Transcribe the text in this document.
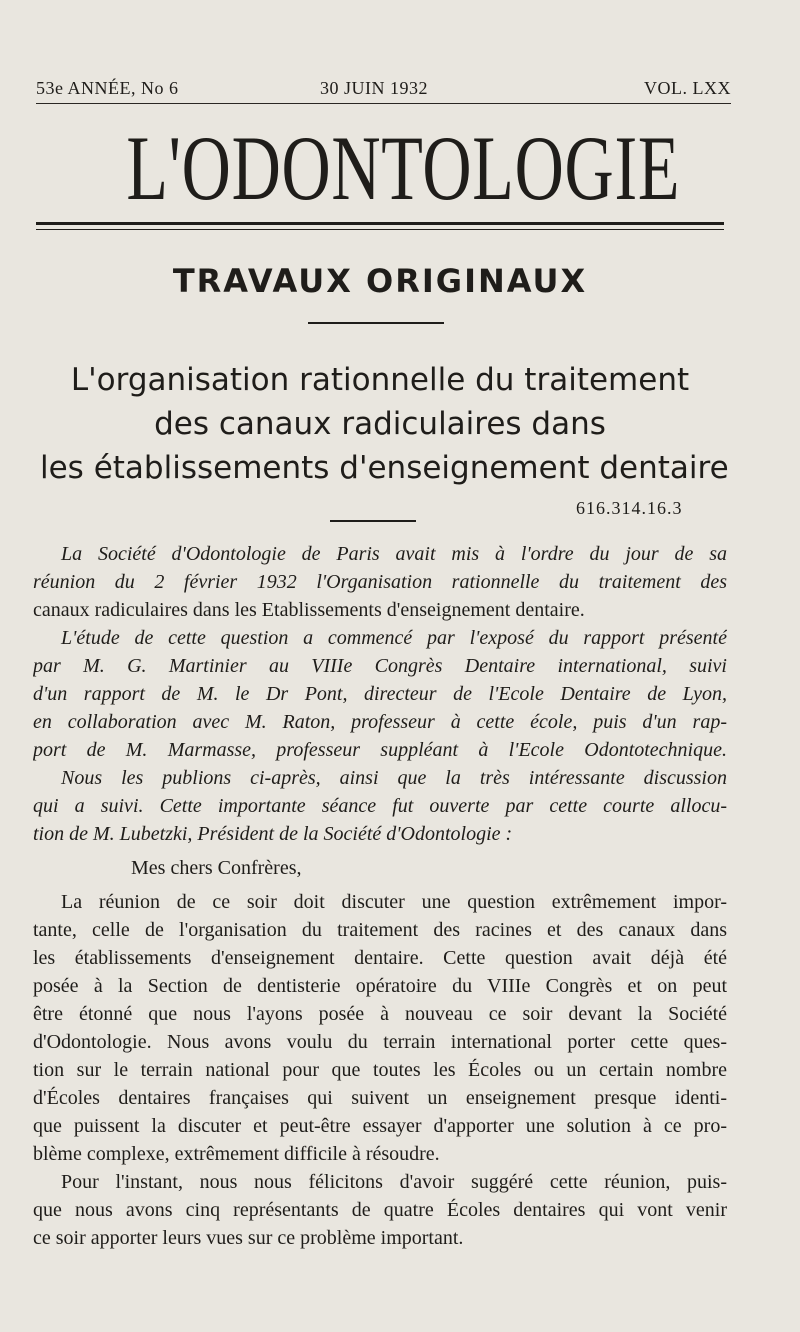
53e ANNÉE, No 6	30 JUIN 1932	VOL. LXX
L'ODONTOLOGIE
TRAVAUX ORIGINAUX
L'organisation rationnelle du traitement
des canaux radiculaires dans
les établissements d'enseignement dentaire
616.314.16.3
La Société d'Odontologie de Paris avait mis à l'ordre du jour de sa
réunion du 2 février 1932 l'Organisation rationnelle du traitement des
canaux radiculaires dans les Etablissements d'enseignement dentaire.
L'étude de cette question a commencé par l'exposé du rapport présenté
par M. G. Martinier au VIIIe Congrès Dentaire international, suivi
d'un rapport de M. le Dr Pont, directeur de l'Ecole Dentaire de Lyon,
en collaboration avec M. Raton, professeur à cette école, puis d'un rap-
port de M. Marmasse, professeur suppléant à l'Ecole Odontotechnique.
Nous les publions ci-après, ainsi que la très intéressante discussion
qui a suivi. Cette importante séance fut ouverte par cette courte allocu-
tion de M. Lubetzki, Président de la Société d'Odontologie :
Mes chers Confrères,
La réunion de ce soir doit discuter une question extrêmement impor-
tante, celle de l'organisation du traitement des racines et des canaux dans
les établissements d'enseignement dentaire. Cette question avait déjà été
posée à la Section de dentisterie opératoire du VIIIe Congrès et on peut
être étonné que nous l'ayons posée à nouveau ce soir devant la Société
d'Odontologie. Nous avons voulu du terrain international porter cette ques-
tion sur le terrain national pour que toutes les Écoles ou un certain nombre
d'Écoles dentaires françaises qui suivent un enseignement presque identi-
que puissent la discuter et peut-être essayer d'apporter une solution à ce pro-
blème complexe, extrêmement difficile à résoudre.
Pour l'instant, nous nous félicitons d'avoir suggéré cette réunion, puis-
que nous avons cinq représentants de quatre Écoles dentaires qui vont venir
ce soir apporter leurs vues sur ce problème important.
